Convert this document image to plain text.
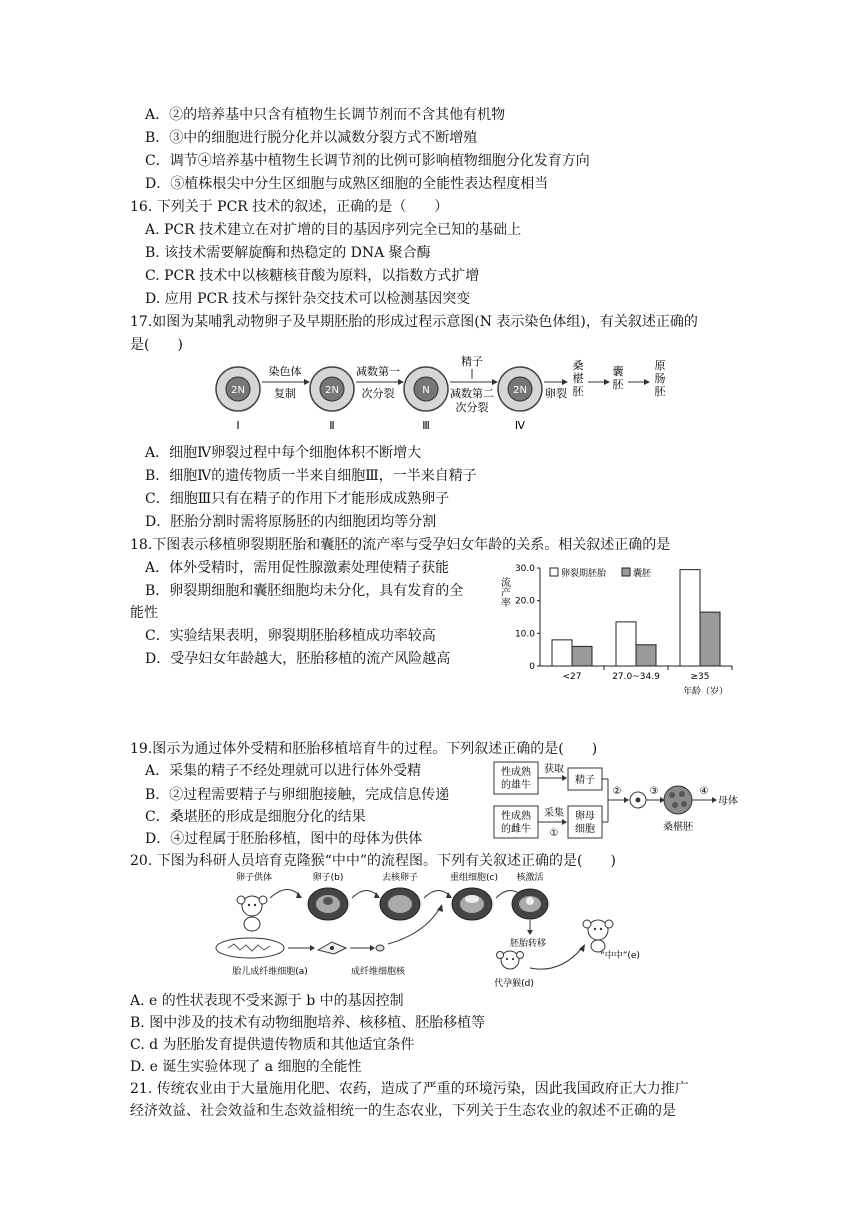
A．②的培养基中只含有植物生长调节剂而不含其他有机物
B．③中的细胞进行脱分化并以减数分裂方式不断增殖
C．调节④培养基中植物生长调节剂的比例可影响植物细胞分化发育方向
D．⑤植株根尖中分生区细胞与成熟区细胞的全能性表达程度相当
16. 下列关于 PCR 技术的叙述，正确的是（　　）
A. PCR 技术建立在对扩增的目的基因序列完全已知的基础上
B. 该技术需要解旋酶和热稳定的 DNA 聚合酶
C. PCR 技术中以核糖核苷酸为原料，以指数方式扩增
D. 应用 PCR 技术与探针杂交技术可以检测基因突变
17.如图为某哺乳动物卵子及早期胚胎的形成过程示意图(N 表示染色体组)，有关叙述正确的
是(　　)
2N
Ⅰ
染色体
复制	2N
Ⅱ
减数第一
次分裂	N
Ⅲ
精子
减数第二
次分裂
2N
Ⅳ
卵裂
桑
椹
胚
囊
胚
原
肠
胚
A．细胞Ⅳ卵裂过程中每个细胞体积不断增大
B．细胞Ⅳ的遗传物质一半来自细胞Ⅲ，一半来自精子
C．细胞Ⅲ只有在精子的作用下才能形成成熟卵子
D．胚胎分割时需将原肠胚的内细胞团均等分割
18.下图表示移植卵裂期胚胎和囊胚的流产率与受孕妇女年龄的关系。相关叙述正确的是
A．体外受精时，需用促性腺激素处理使精子获能
B．卵裂期细胞和囊胚细胞均未分化，具有发育的全
能性
C．实验结果表明，卵裂期胚胎移植成功率较高
D．受孕妇女年龄越大，胚胎移植的流产风险越高	0
10.0
20.0
30.0
流产率
<27	27.0~34.9	≥35
年龄（岁）
卵裂期胚胎	囊胚
19.图示为通过体外受精和胚胎移植培育牛的过程。下列叙述正确的是(　　)
A．采集的精子不经处理就可以进行体外受精
B．②过程需要精子与卵细胞接触，完成信息传递
C．桑堪胚的形成是细胞分化的结果
D．④过程属于胚胎移植，图中的母体为供体
性成熟
的雄牛
性成熟
的雌牛
获取
采集
①
精子
卵母
细胞
②	③
桑椹胚
④
母体
20. 下图为科研人员培育克隆猴“中中”的流程图。下列有关叙述正确的是(　　)
卵子供体	卵子(b)	去核卵子	重组细胞(c) 核激活
胚胎转移
胎儿成纤维细胞(a)	成纤维细胞核
代孕猴(d)
“中中”(e)
A. e 的性状表现不受来源于 b 中的基因控制
B. 图中涉及的技术有动物细胞培养、核移植、胚胎移植等
C. d 为胚胎发育提供遗传物质和其他适宜条件
D. e 诞生实验体现了 a 细胞的全能性
21. 传统农业由于大量施用化肥、农药，造成了严重的环境污染，因此我国政府正大力推广
经济效益、社会效益和生态效益相统一的生态农业，下列关于生态农业的叙述不正确的是
